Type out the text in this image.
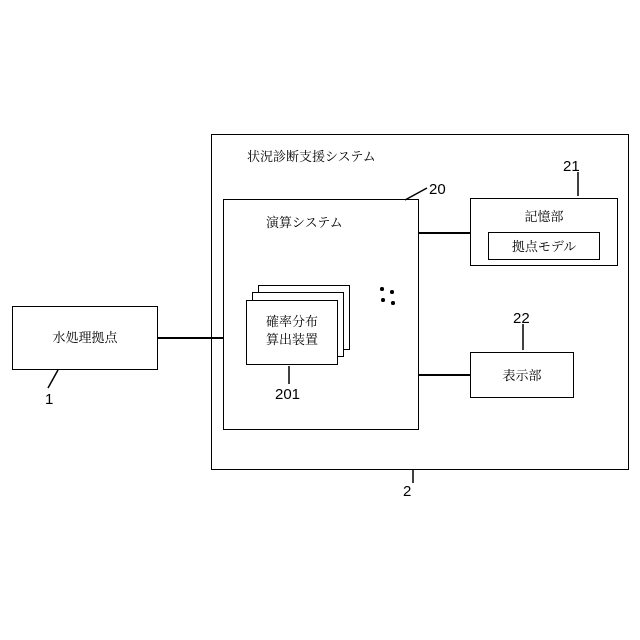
状況診断支援システム
演算システム
確率分布
算出装置
記憶部
拠点モデル
表示部
水処理拠点
20
21
22
201
1
2
